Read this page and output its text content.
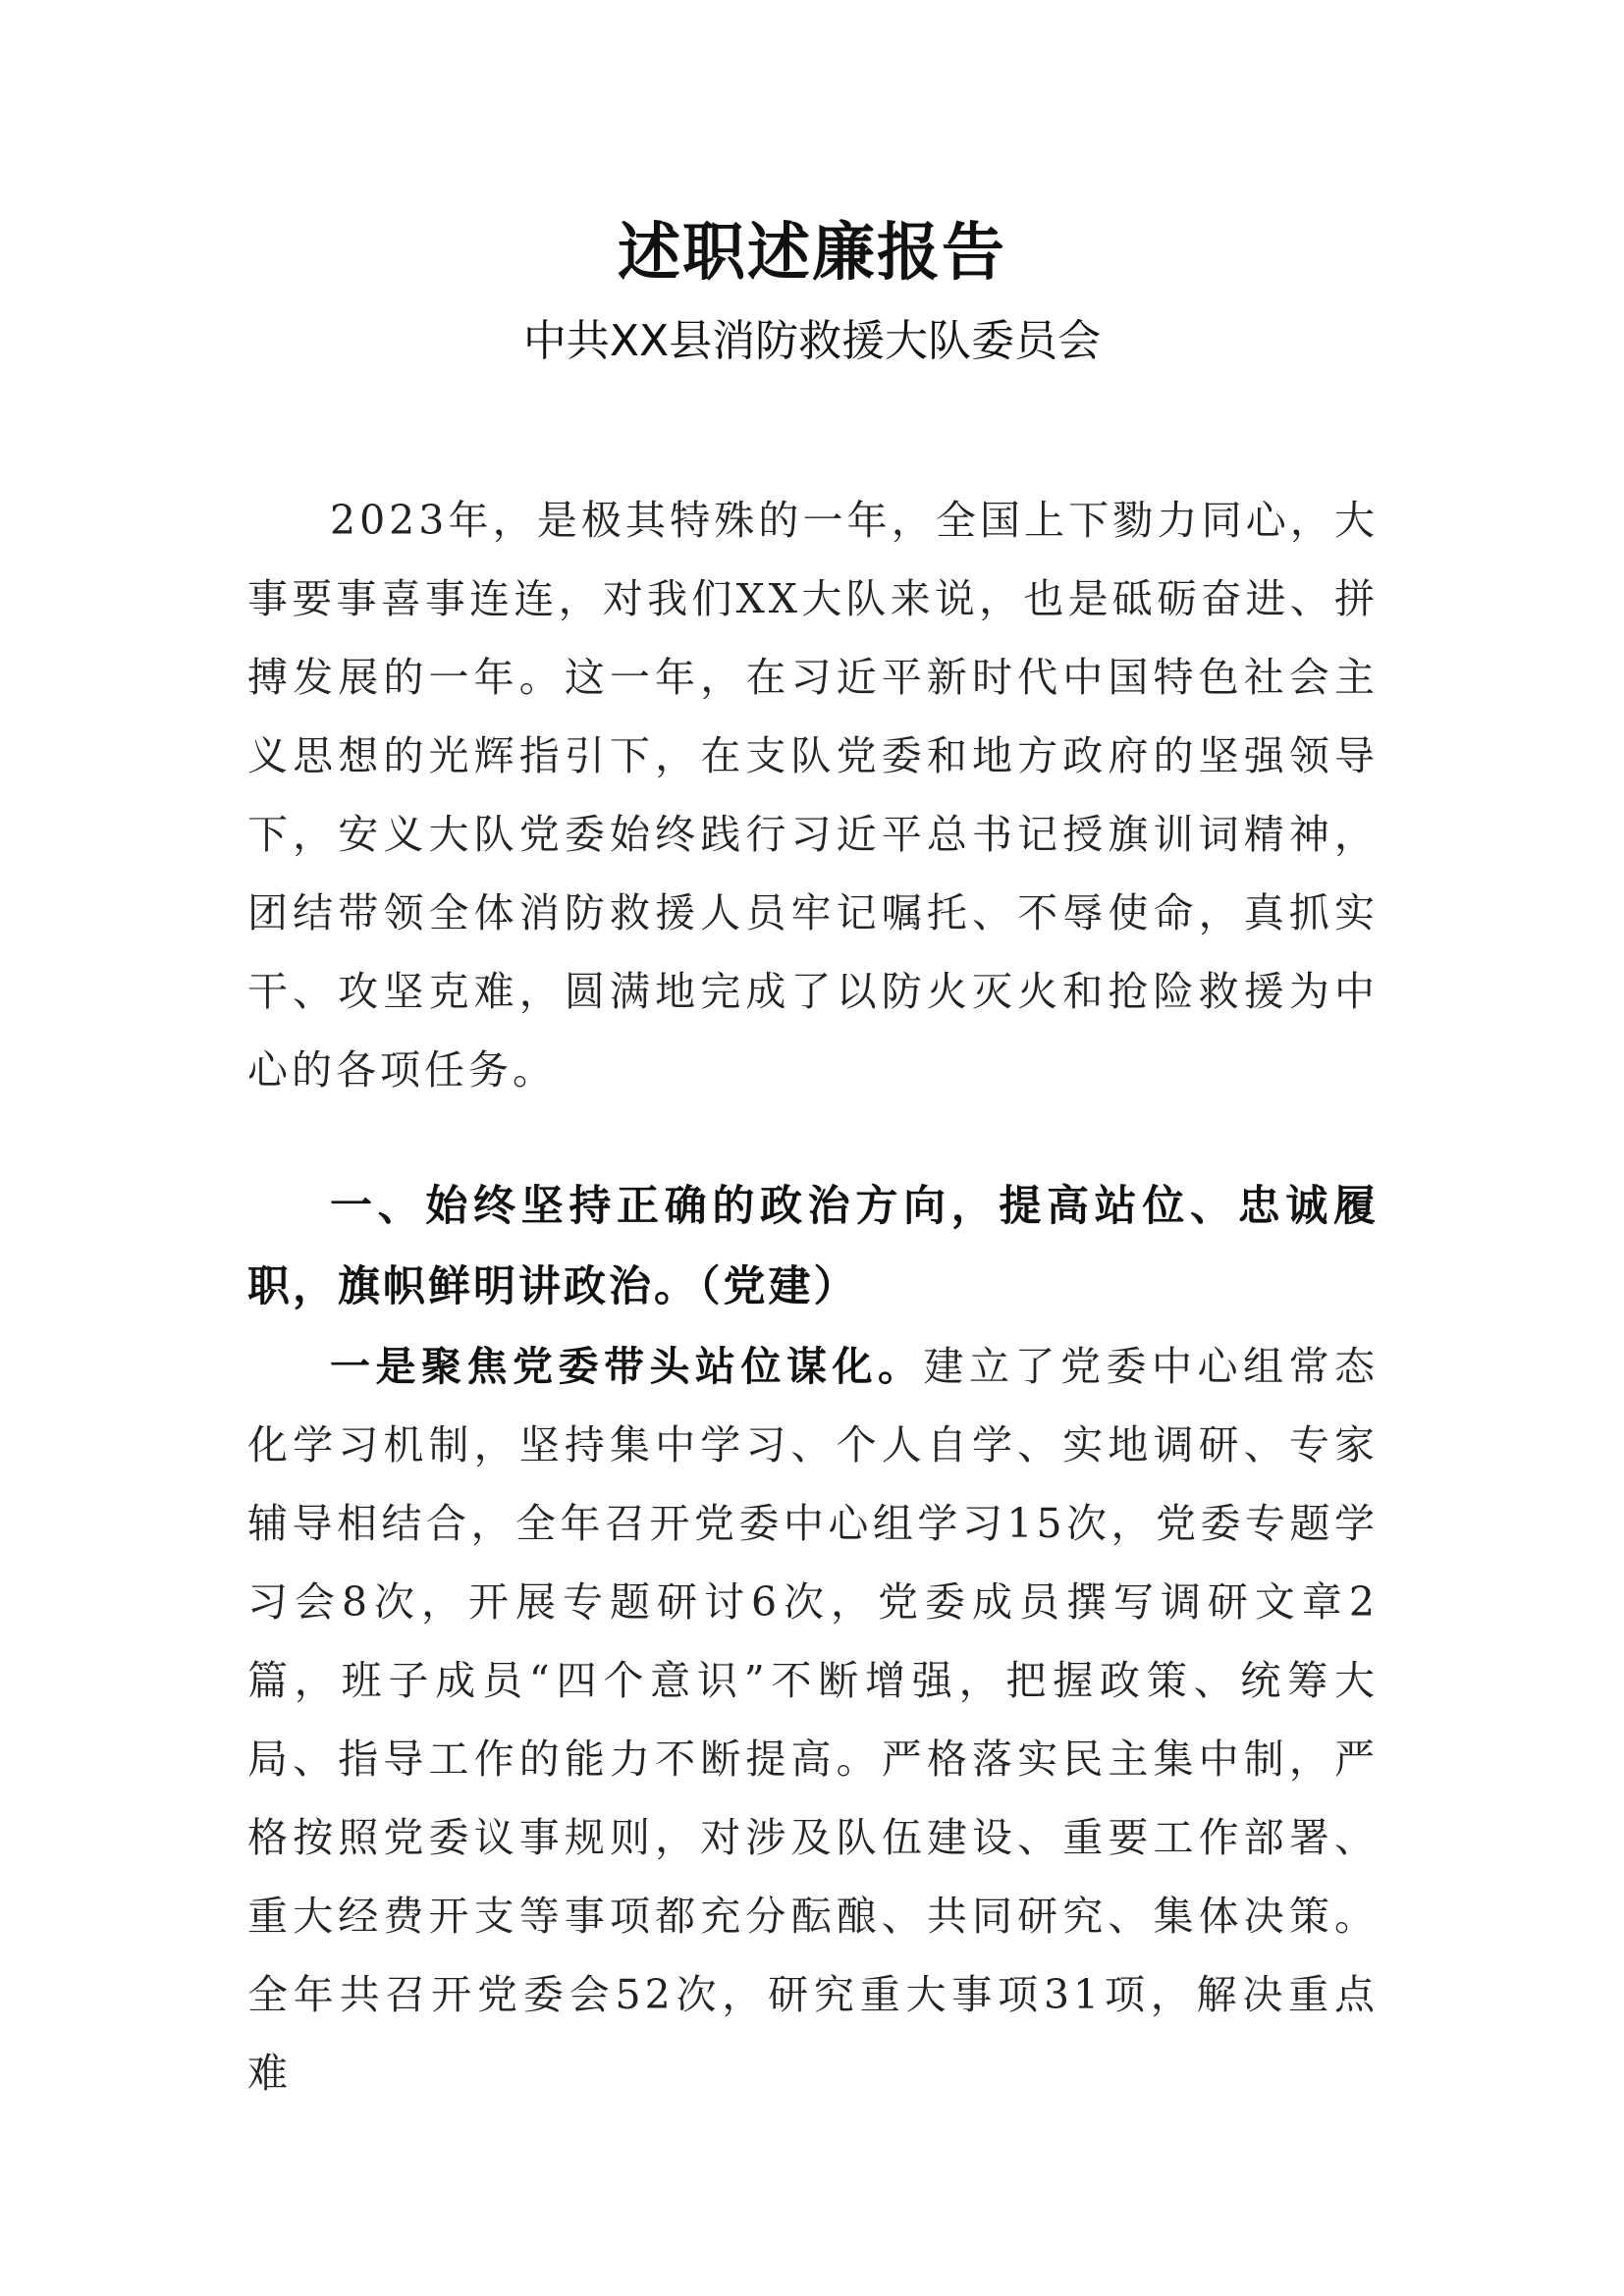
述职述廉报告
中共XX县消防救援大队委员会

2023年，是极其特殊的一年，全国上下勠力同心，大事要事喜事连连，对我们XX大队来说，也是砥砺奋进、拼搏发展的一年。这一年，在习近平新时代中国特色社会主义思想的光辉指引下，在支队党委和地方政府的坚强领导下，安义大队党委始终践行习近平总书记授旗训词精神，团结带领全体消防救援人员牢记嘱托、不辱使命，真抓实干、攻坚克难，圆满地完成了以防火灭火和抢险救援为中心的各项任务。

一、始终坚持正确的政治方向，提高站位、忠诚履职，旗帜鲜明讲政治。（党建）

一是聚焦党委带头站位谋化。建立了党委中心组常态化学习机制，坚持集中学习、个人自学、实地调研、专家辅导相结合，全年召开党委中心组学习15次，党委专题学习会8次，开展专题研讨6次，党委成员撰写调研文章2篇，班子成员“四个意识”不断增强，把握政策、统筹大局、指导工作的能力不断提高。严格落实民主集中制，严格按照党委议事规则，对涉及队伍建设、重要工作部署、重大经费开支等事项都充分酝酿、共同研究、集体决策。全年共召开党委会52次，研究重大事项31项，解决重点难
